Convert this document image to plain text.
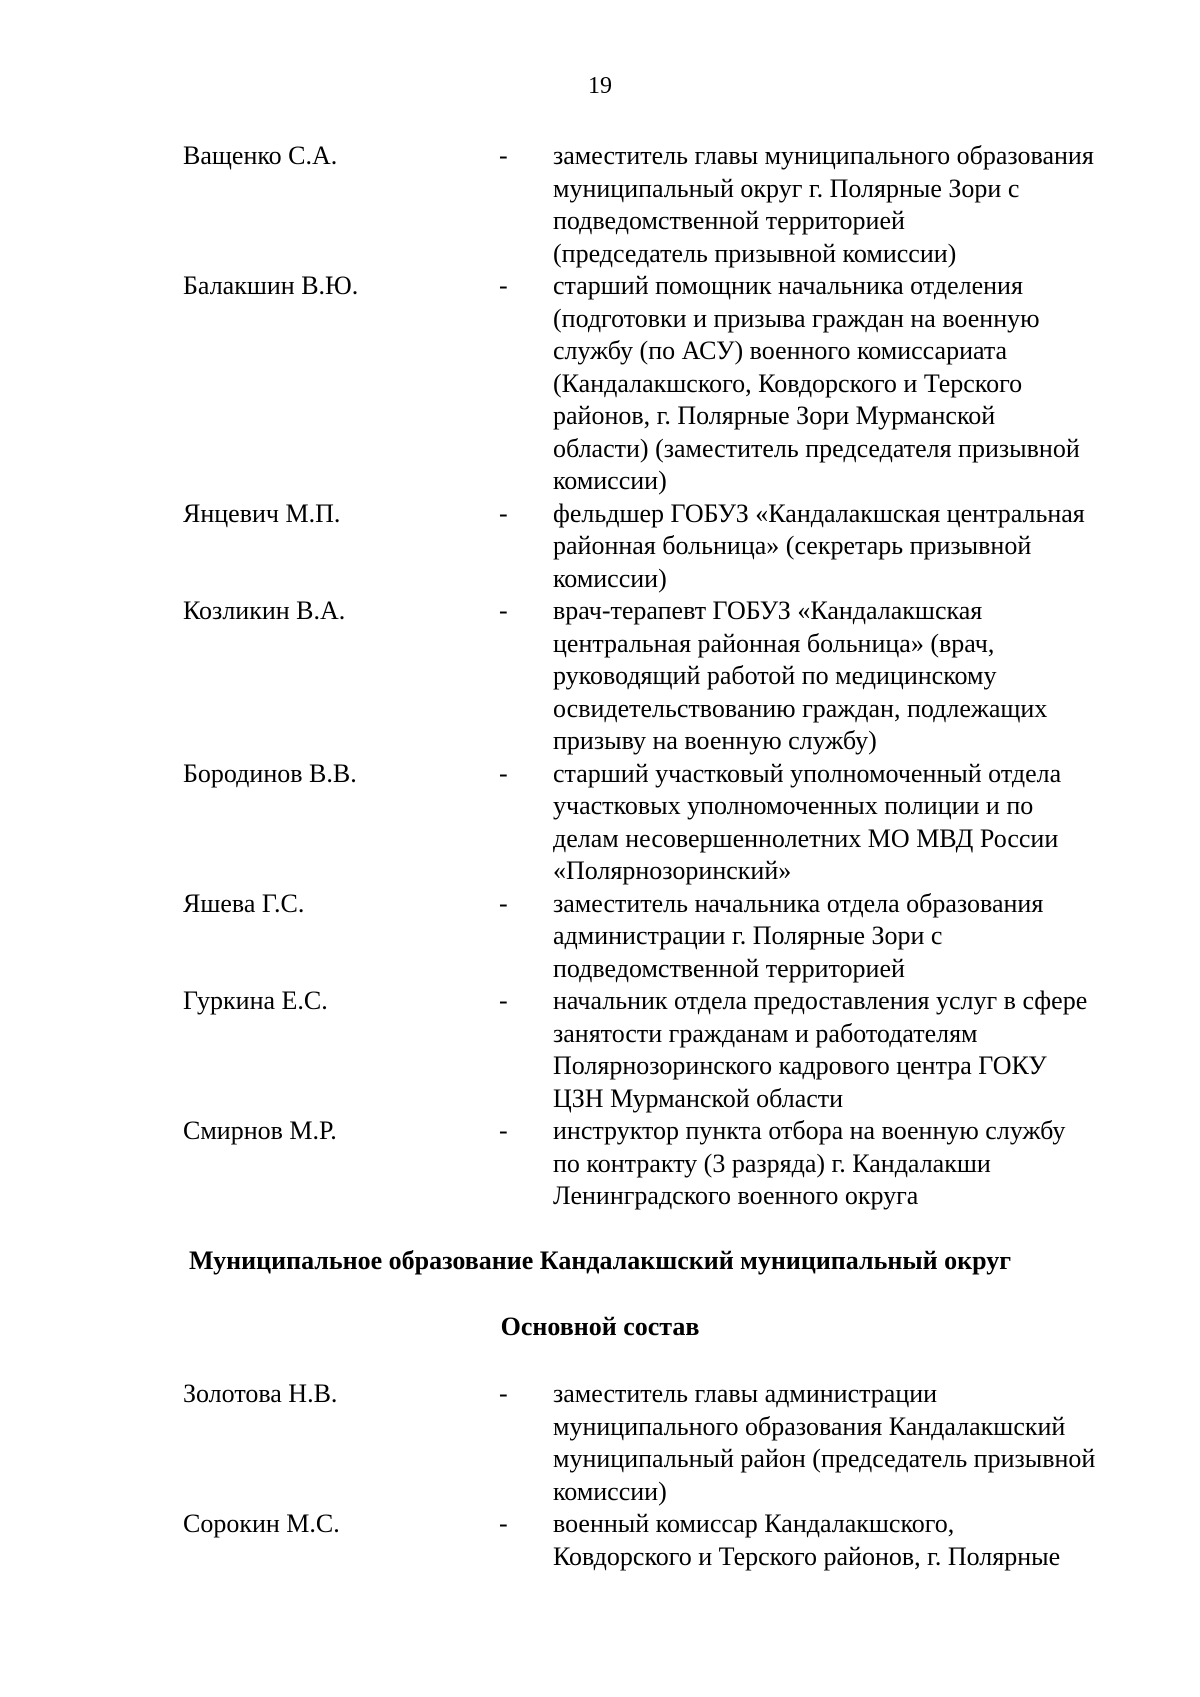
19
Ващенко С.А.	- заместитель главы муниципального образования
муниципальный округ г. Полярные Зори с
подведомственной территорией
(председатель призывной комиссии)
Балакшин В.Ю.	- старший помощник начальника отделения
(подготовки и призыва граждан на военную
службу (по АСУ) военного комиссариата
(Кандалакшского, Ковдорского и Терского
районов, г. Полярные Зори Мурманской
области) (заместитель председателя призывной
комиссии)
Янцевич М.П.	- фельдшер ГОБУЗ «Кандалакшская центральная
районная больница» (секретарь призывной
комиссии)
Козликин В.А.	- врач-терапевт ГОБУЗ «Кандалакшская
центральная районная больница» (врач,
руководящий работой по медицинскому
освидетельствованию граждан, подлежащих
призыву на военную службу)
Бородинов В.В.	- старший участковый уполномоченный отдела
участковых уполномоченных полиции и по
делам несовершеннолетних МО МВД России
«Полярнозоринский»
Яшева Г.С.	- заместитель начальника отдела образования
администрации г. Полярные Зори с
подведомственной территорией
Гуркина Е.С.	- начальник отдела предоставления услуг в сфере
занятости гражданам и работодателям
Полярнозоринского кадрового центра ГОКУ
ЦЗН Мурманской области
Смирнов М.Р.	- инструктор пункта отбора на военную службу
по контракту (3 разряда) г. Кандалакши
Ленинградского военного округа
Муниципальное образование Кандалакшский муниципальный округ
Основной состав
Золотова Н.В.	- заместитель главы администрации
муниципального образования Кандалакшский
муниципальный район (председатель призывной
комиссии)
Сорокин М.С.	- военный комиссар Кандалакшского,
Ковдорского и Терского районов, г. Полярные
